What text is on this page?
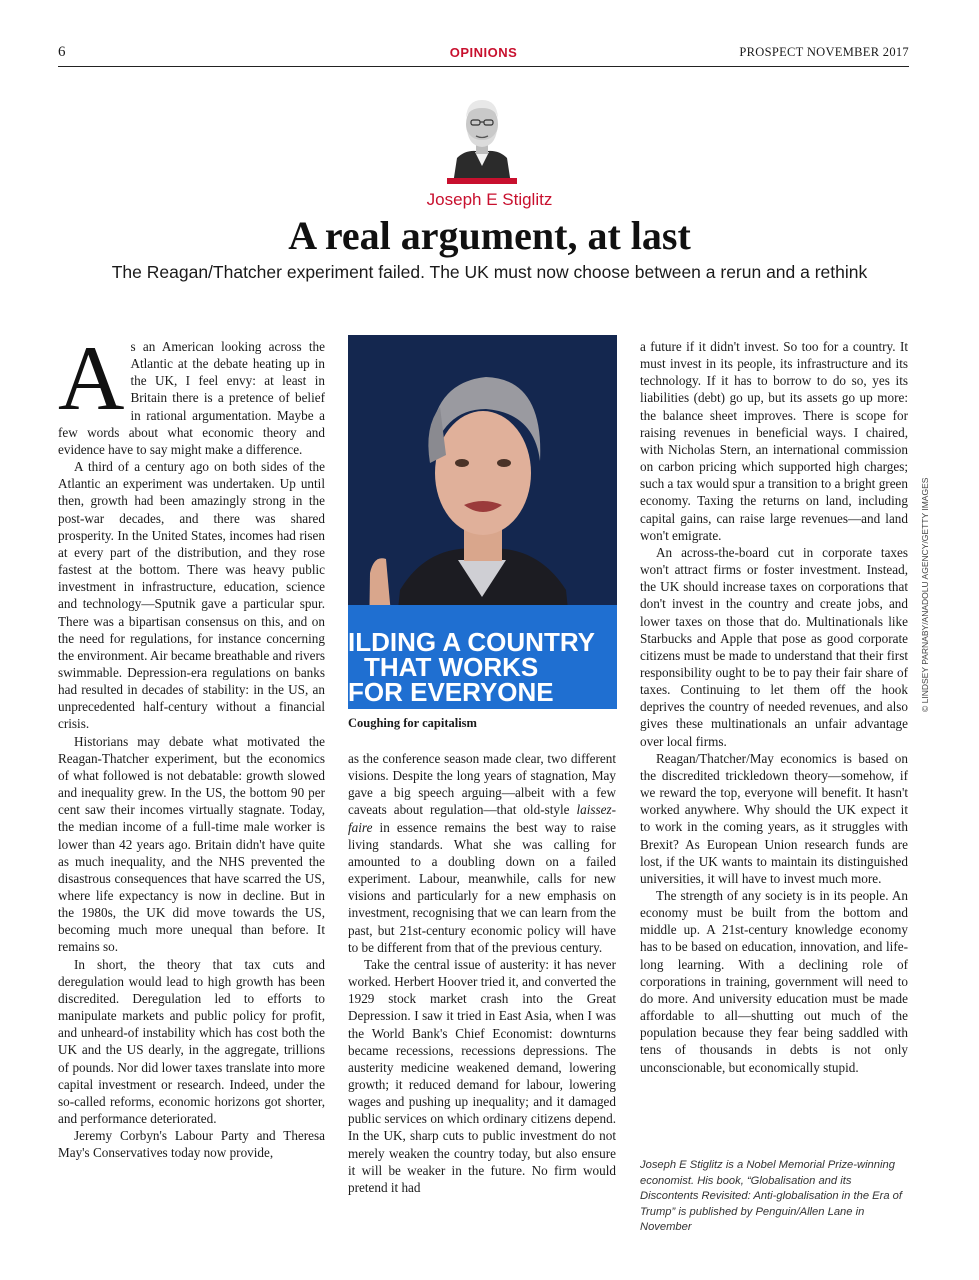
6	OPINIONS	PROSPECT NOVEMBER 2017
Joseph E Stiglitz
A real argument, at last
The Reagan/Thatcher experiment failed. The UK must now choose between a rerun and a rethink

As an American looking across the Atlantic at the debate heating up in the UK, I feel envy: at least in Britain there is a pretence of belief in rational argumentation. Maybe a few words about what economic theory and evidence have to say might make a difference.

A third of a century ago on both sides of the Atlantic an experiment was undertaken. Up until then, growth had been amazingly strong in the post-war decades, and there was shared prosperity. In the United States, incomes had risen at every part of the distribution, and they rose fastest at the bottom. There was heavy public investment in infrastructure, education, science and technology—Sputnik gave a particular spur. There was a bipartisan consensus on this, and on the need for regulations, for instance concerning the environment. Air became breathable and rivers swimmable. Depression-era regulations on banks had resulted in decades of stability: in the US, an unprecedented half-century without a financial crisis.

Historians may debate what motivated the Reagan-Thatcher experiment, but the economics of what followed is not debatable: growth slowed and inequality grew. In the US, the bottom 90 per cent saw their incomes virtually stagnate. Today, the median income of a full-time male worker is lower than 42 years ago. Britain didn't have quite as much inequality, and the NHS prevented the disastrous consequences that have scarred the US, where life expectancy is now in decline. But in the 1980s, the UK did move towards the US, becoming much more unequal than before. It remains so.

In short, the theory that tax cuts and deregulation would lead to high growth has been discredited. Deregulation led to efforts to manipulate markets and public policy for profit, and unheard-of instability which has cost both the UK and the US dearly, in the aggregate, trillions of pounds. Nor did lower taxes translate into more capital investment or research. Indeed, under the so-called reforms, economic horizons got shorter, and performance deteriorated.

Jeremy Corbyn's Labour Party and Theresa May's Conservatives today now provide,

ILDING A COUNTRY
THAT WORKS
FOR EVERYONE
Coughing for capitalism

as the conference season made clear, two different visions. Despite the long years of stagnation, May gave a big speech arguing—albeit with a few caveats about regulation—that old-style laissez-faire in essence remains the best way to raise living standards. What she was calling for amounted to a doubling down on a failed experiment. Labour, meanwhile, calls for new visions and particularly for a new emphasis on investment, recognising that we can learn from the past, but 21st-century economic policy will have to be different from that of the previous century.

Take the central issue of austerity: it has never worked. Herbert Hoover tried it, and converted the 1929 stock market crash into the Great Depression. I saw it tried in East Asia, when I was the World Bank's Chief Economist: downturns became recessions, recessions depressions. The austerity medicine weakened demand, lowering growth; it reduced demand for labour, lowering wages and pushing up inequality; and it damaged public services on which ordinary citizens depend. In the UK, sharp cuts to public investment do not merely weaken the country today, but also ensure it will be weaker in the future. No firm would pretend it had

a future if it didn't invest. So too for a country. It must invest in its people, its infrastructure and its technology. If it has to borrow to do so, yes its liabilities (debt) go up, but its assets go up more: the balance sheet improves. There is scope for raising revenues in beneficial ways. I chaired, with Nicholas Stern, an international commission on carbon pricing which supported high charges; such a tax would spur a transition to a bright green economy. Taxing the returns on land, including capital gains, can raise large revenues—and land won't emigrate.

An across-the-board cut in corporate taxes won't attract firms or foster investment. Instead, the UK should increase taxes on corporations that don't invest in the country and create jobs, and lower taxes on those that do. Multinationals like Starbucks and Apple that pose as good corporate citizens must be made to understand that their first responsibility ought to be to pay their fair share of taxes. Continuing to let them off the hook deprives the country of needed revenues, and also gives these multinationals an unfair advantage over local firms.

Reagan/Thatcher/May economics is based on the discredited trickledown theory—somehow, if we reward the top, everyone will benefit. It hasn't worked anywhere. Why should the UK expect it to work in the coming years, as it struggles with Brexit? As European Union research funds are lost, if the UK wants to maintain its distinguished universities, it will have to invest much more.

The strength of any society is in its people. An economy must be built from the bottom and middle up. A 21st-century knowledge economy has to be based on education, innovation, and life-long learning. With a declining role of corporations in training, government will need to do more. And university education must be made affordable to all—shutting out much of the population because they fear being saddled with tens of thousands in debts is not only unconscionable, but economically stupid.

Joseph E Stiglitz is a Nobel Memorial Prize-winning economist. His book, “Globalisation and its Discontents Revisited: Anti-globalisation in the Era of Trump” is published by Penguin/Allen Lane in November
© LINDSEY PARNABY/ANADOLU AGENCY/GETTY IMAGES
